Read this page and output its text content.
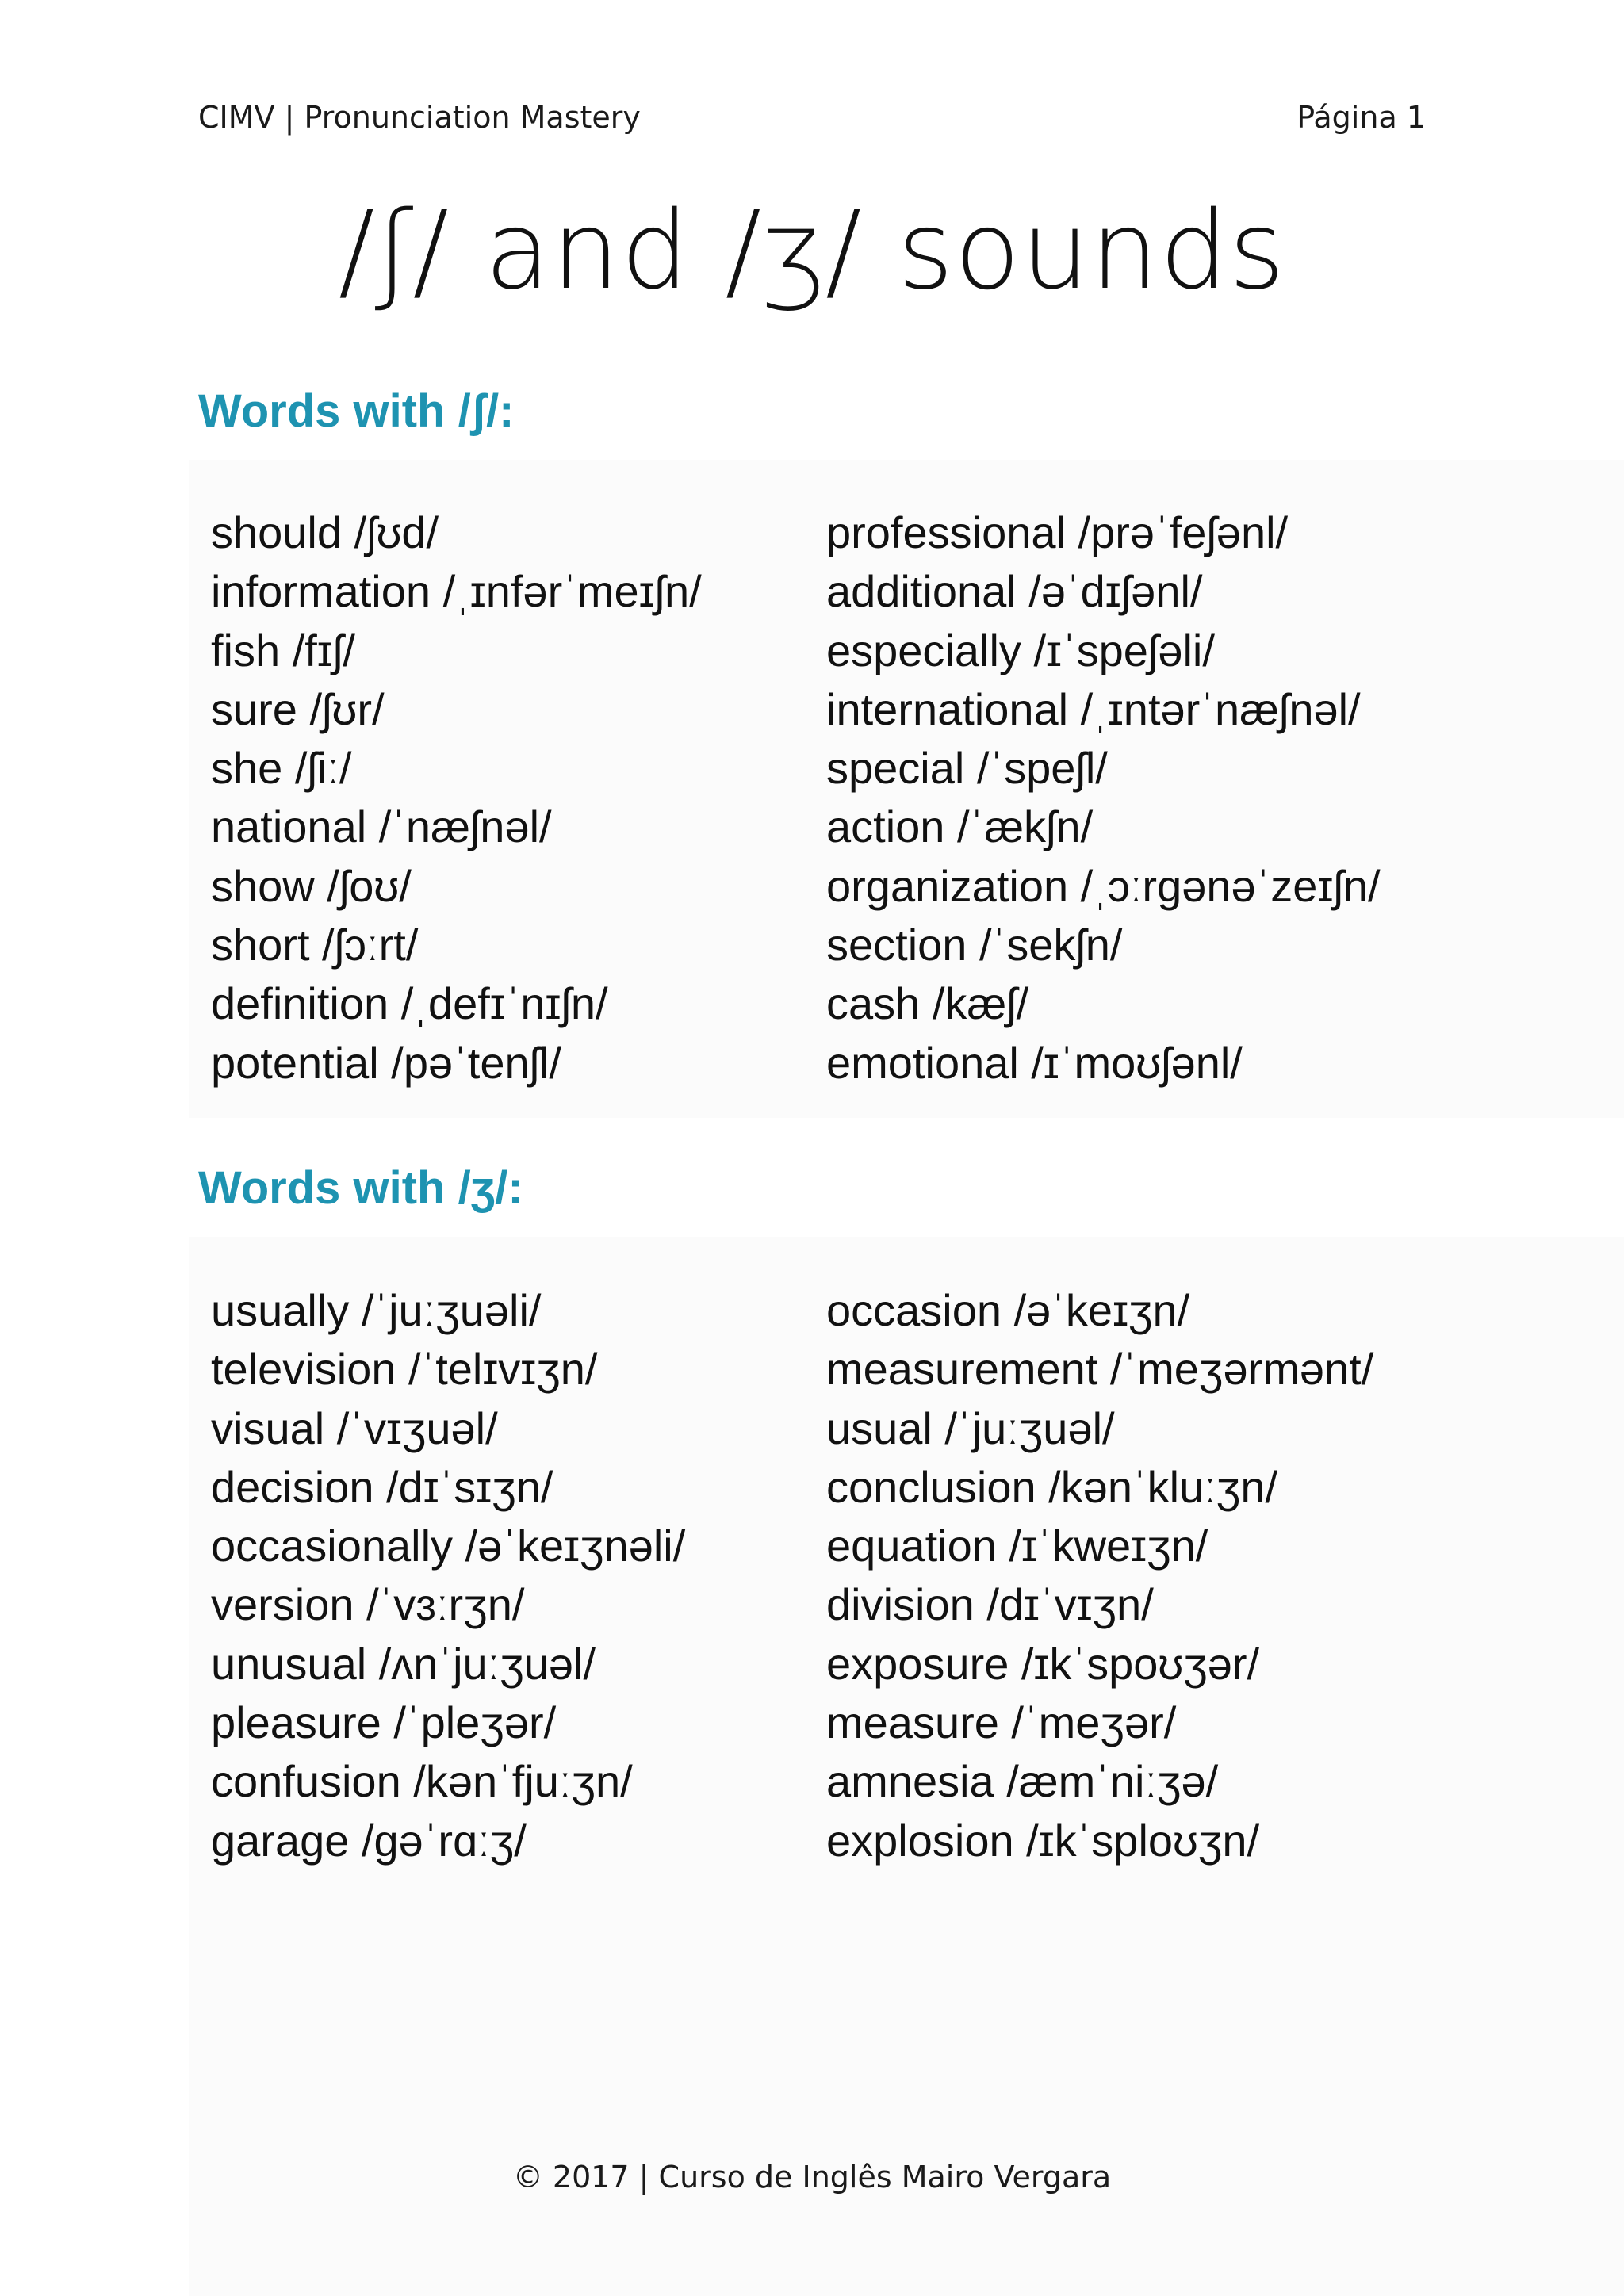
CIMV | Pronunciation Mastery	Página 1
/ʃ/ and /ʒ/ sounds
Words with /ʃ/:
should /ʃʊd/
information /ˌɪnfərˈmeɪʃn/
fish /fɪʃ/
sure /ʃʊr/
she /ʃiː/
national /ˈnæʃnəl/
show /ʃoʊ/
short /ʃɔːrt/
definition /ˌdefɪˈnɪʃn/
potential /pəˈtenʃl/
professional /prəˈfeʃənl/
additional /əˈdɪʃənl/
especially /ɪˈspeʃəli/
international /ˌɪntərˈnæʃnəl/
special /ˈspeʃl/
action /ˈækʃn/
organization /ˌɔːrgənəˈzeɪʃn/
section /ˈsekʃn/
cash /kæʃ/
emotional /ɪˈmoʊʃənl/
Words with /ʒ/:
usually /ˈjuːʒuəli/
television /ˈtelɪvɪʒn/
visual /ˈvɪʒuəl/
decision /dɪˈsɪʒn/
occasionally /əˈkeɪʒnəli/
version /ˈvɜːrʒn/
unusual /ʌnˈjuːʒuəl/
pleasure /ˈpleʒər/
confusion /kənˈfjuːʒn/
garage /gəˈrɑːʒ/
occasion /əˈkeɪʒn/
measurement /ˈmeʒərmənt/
usual /ˈjuːʒuəl/
conclusion /kənˈkluːʒn/
equation /ɪˈkweɪʒn/
division /dɪˈvɪʒn/
exposure /ɪkˈspoʊʒər/
measure /ˈmeʒər/
amnesia /æmˈniːʒə/
explosion /ɪkˈsploʊʒn/
© 2017 | Curso de Inglês Mairo Vergara
